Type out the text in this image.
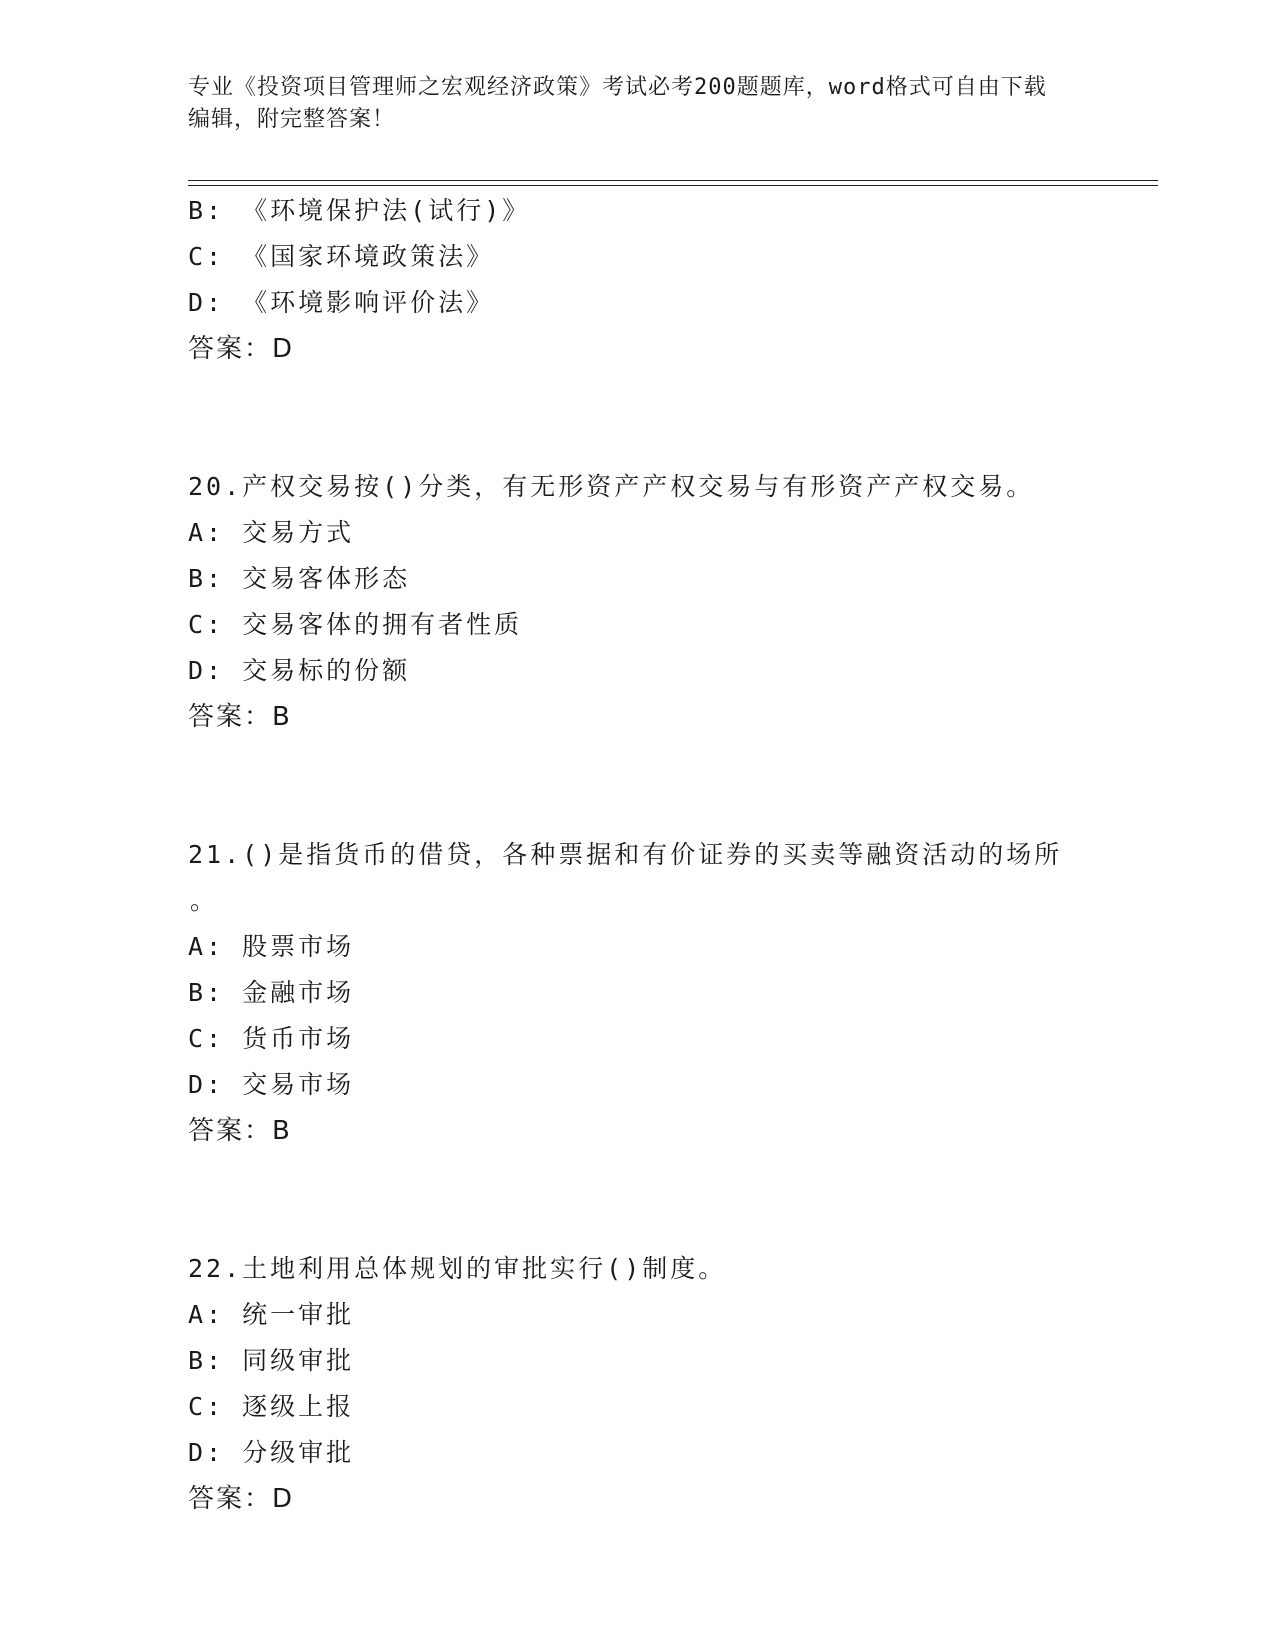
专业《投资项目管理师之宏观经济政策》考试必考200题题库，word格式可自由下载编辑，附完整答案！
B: 《环境保护法(试行)》
C: 《国家环境政策法》
D: 《环境影响评价法》
答案：D
20.产权交易按()分类，有无形资产产权交易与有形资产产权交易。
A: 交易方式
B: 交易客体形态
C: 交易客体的拥有者性质
D: 交易标的份额
答案：B
21.()是指货币的借贷，各种票据和有价证券的买卖等融资活动的场所
。
A: 股票市场
B: 金融市场
C: 货币市场
D: 交易市场
答案：B
22.土地利用总体规划的审批实行()制度。
A: 统一审批
B: 同级审批
C: 逐级上报
D: 分级审批
答案：D
